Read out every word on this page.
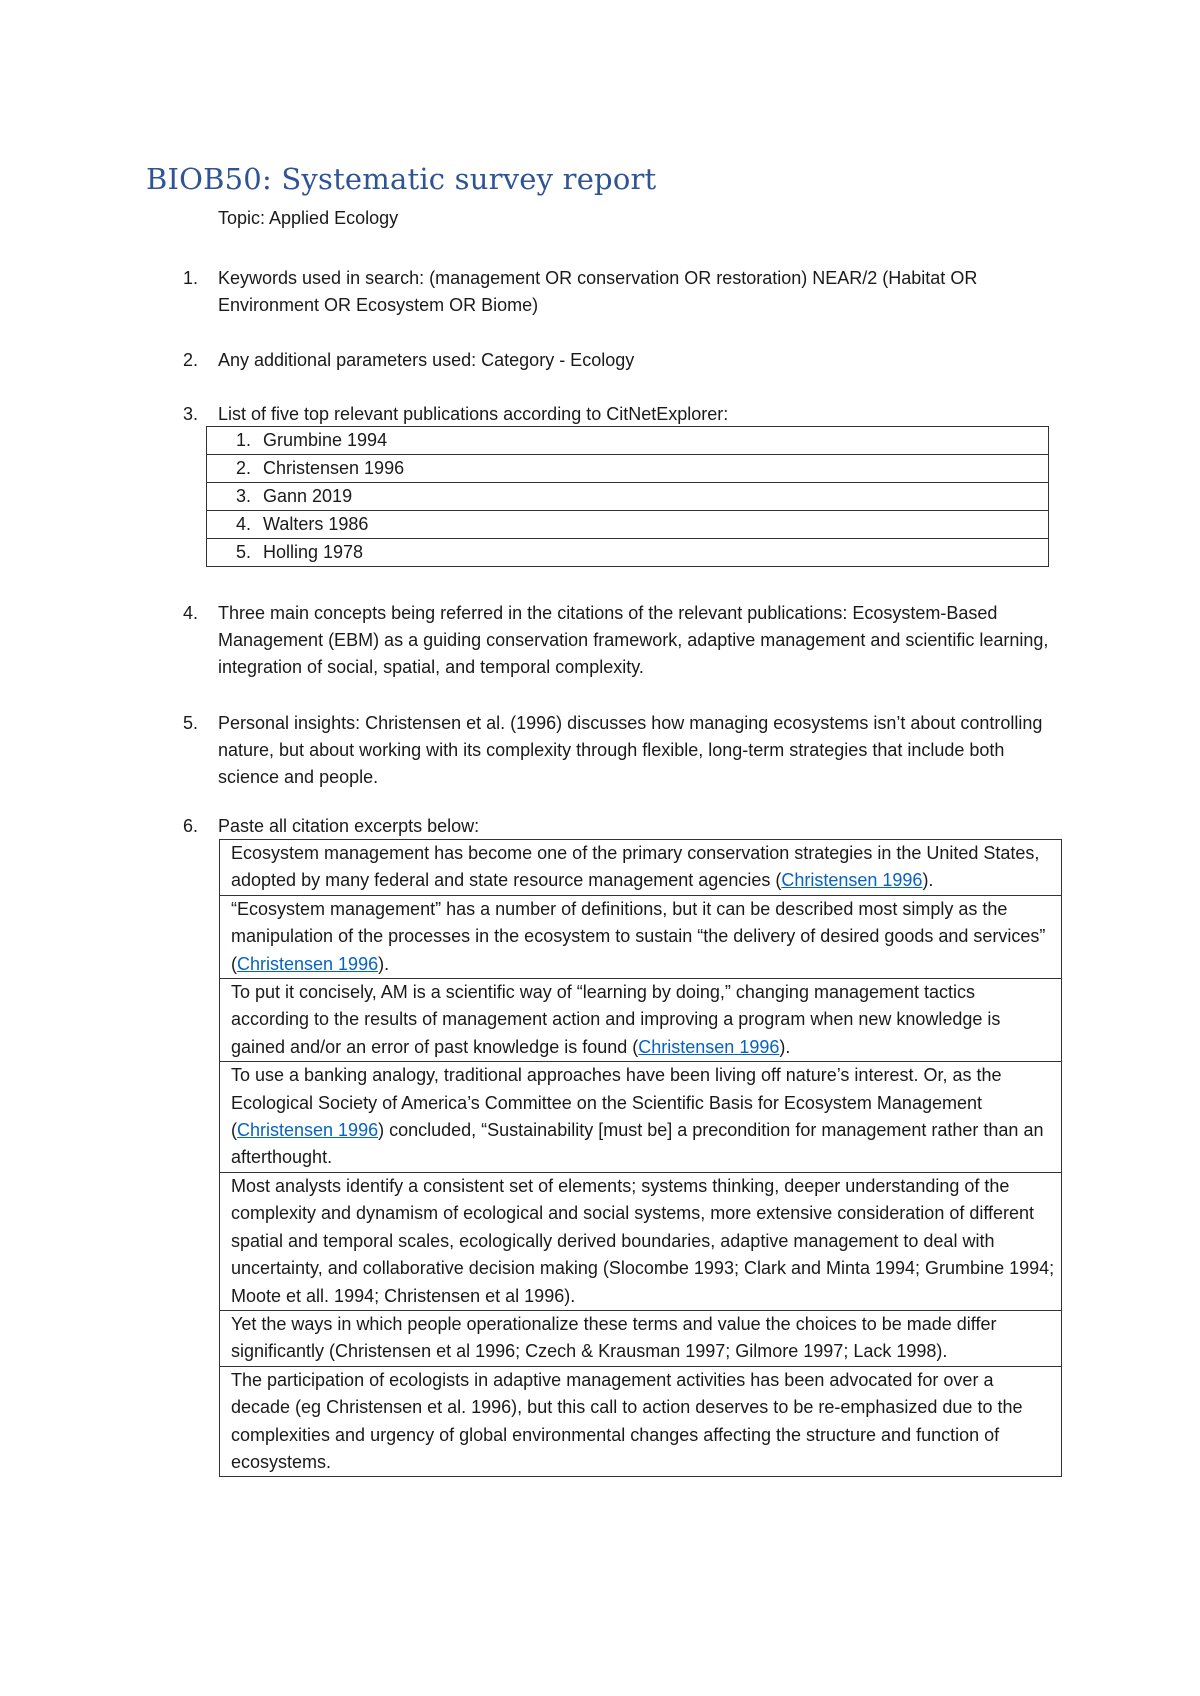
BIOB50: Systematic survey report
Topic: Applied Ecology
1. Keywords used in search: (management OR conservation OR restoration) NEAR/2 (Habitat OR Environment OR Ecosystem OR Biome)
2. Any additional parameters used: Category - Ecology
3. List of five top relevant publications according to CitNetExplorer:
1. Grumbine 1994
2. Christensen 1996
3. Gann 2019
4. Walters 1986
5. Holling 1978
4. Three main concepts being referred in the citations of the relevant publications: Ecosystem-Based Management (EBM) as a guiding conservation framework, adaptive management and scientific learning, integration of social, spatial, and temporal complexity.
5. Personal insights: Christensen et al. (1996) discusses how managing ecosystems isn’t about controlling nature, but about working with its complexity through flexible, long-term strategies that include both science and people.
6. Paste all citation excerpts below:
Ecosystem management has become one of the primary conservation strategies in the United States, adopted by many federal and state resource management agencies (Christensen 1996).
“Ecosystem management” has a number of definitions, but it can be described most simply as the manipulation of the processes in the ecosystem to sustain “the delivery of desired goods and services” (Christensen 1996).
To put it concisely, AM is a scientific way of “learning by doing,” changing management tactics according to the results of management action and improving a program when new knowledge is gained and/or an error of past knowledge is found (Christensen 1996).
To use a banking analogy, traditional approaches have been living off nature’s interest. Or, as the Ecological Society of America’s Committee on the Scientific Basis for Ecosystem Management (Christensen 1996) concluded, “Sustainability [must be] a precondition for management rather than an afterthought.
Most analysts identify a consistent set of elements; systems thinking, deeper understanding of the complexity and dynamism of ecological and social systems, more extensive consideration of different spatial and temporal scales, ecologically derived boundaries, adaptive management to deal with uncertainty, and collaborative decision making (Slocombe 1993; Clark and Minta 1994; Grumbine 1994; Moote et all. 1994; Christensen et al 1996).
Yet the ways in which people operationalize these terms and value the choices to be made differ significantly (Christensen et al 1996; Czech & Krausman 1997; Gilmore 1997; Lack 1998).
The participation of ecologists in adaptive management activities has been advocated for over a decade (eg Christensen et al. 1996), but this call to action deserves to be re-emphasized due to the complexities and urgency of global environmental changes affecting the structure and function of ecosystems.
